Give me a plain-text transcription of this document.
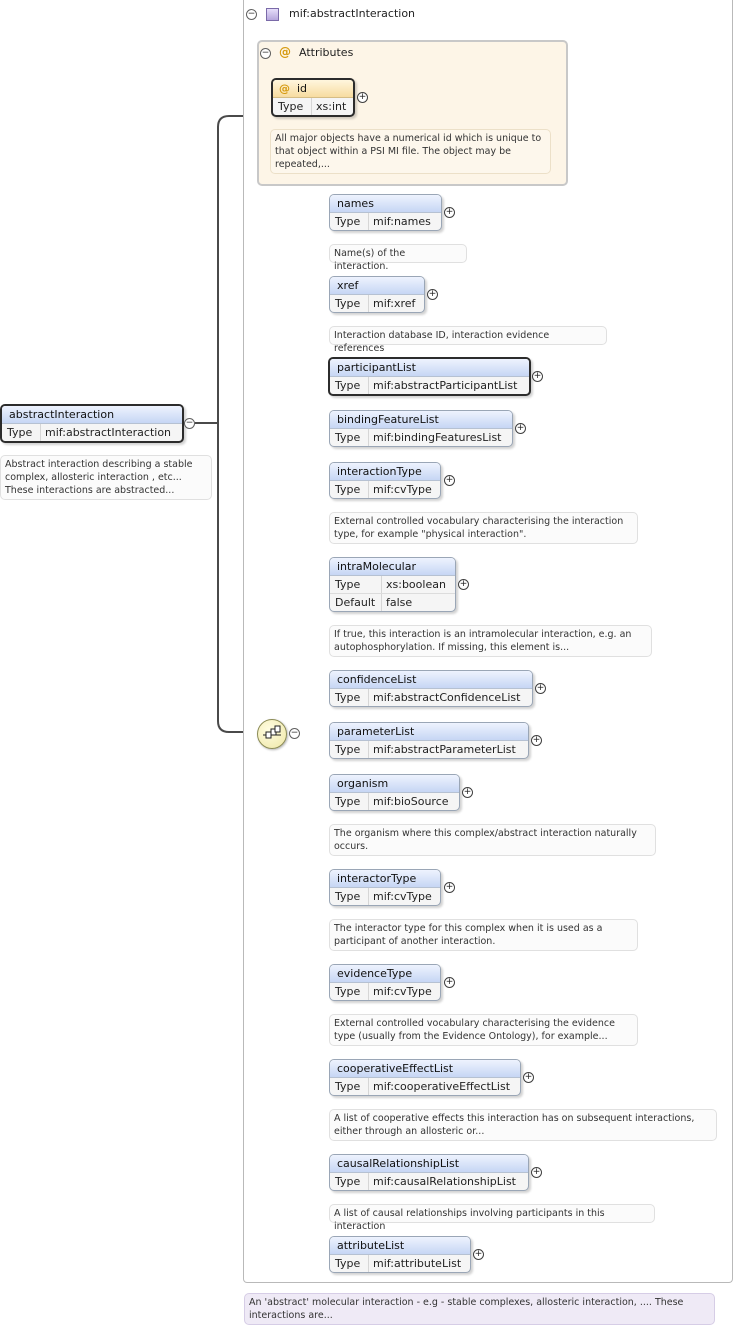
−	mif:abstractInteraction
− @ Attributes
@ id
Type xs:int
+
All major objects have a numerical id which is unique to that object within a PSI MI file. The object may be repeated,...
abstractInteraction
Type mif:abstractInteraction
−
Abstract interaction describing a stable complex, allosteric interaction , etc... These interactions are abstracted...
−
names
Type mif:names
+
Name(s) of the interaction.
xref
Type mif:xref
+
Interaction database ID, interaction evidence references
participantList
Type mif:abstractParticipantList
+
bindingFeatureList
Type mif:bindingFeaturesList
+
interactionType
Type mif:cvType
+
External controlled vocabulary characterising the interaction type, for example "physical interaction".
intraMolecular
Type xs:boolean
Default false
+
If true, this interaction is an intramolecular interaction, e.g. an autophosphorylation. If missing, this element is...
confidenceList
Type mif:abstractConfidenceList
+
parameterList
Type mif:abstractParameterList
+
organism
Type mif:bioSource
+
The organism where this complex/abstract interaction naturally occurs.
interactorType
Type mif:cvType
+
The interactor type for this complex when it is used as a participant of another interaction.
evidenceType
Type mif:cvType
+
External controlled vocabulary characterising the evidence type (usually from the Evidence Ontology), for example...
cooperativeEffectList
Type mif:cooperativeEffectList
+
A list of cooperative effects this interaction has on subsequent interactions, either through an allosteric or...
causalRelationshipList
Type mif:causalRelationshipList
+
A list of causal relationships involving participants in this interaction
attributeList
Type mif:attributeList
+
An 'abstract' molecular interaction - e.g - stable complexes, allosteric interaction, .... These interactions are...
